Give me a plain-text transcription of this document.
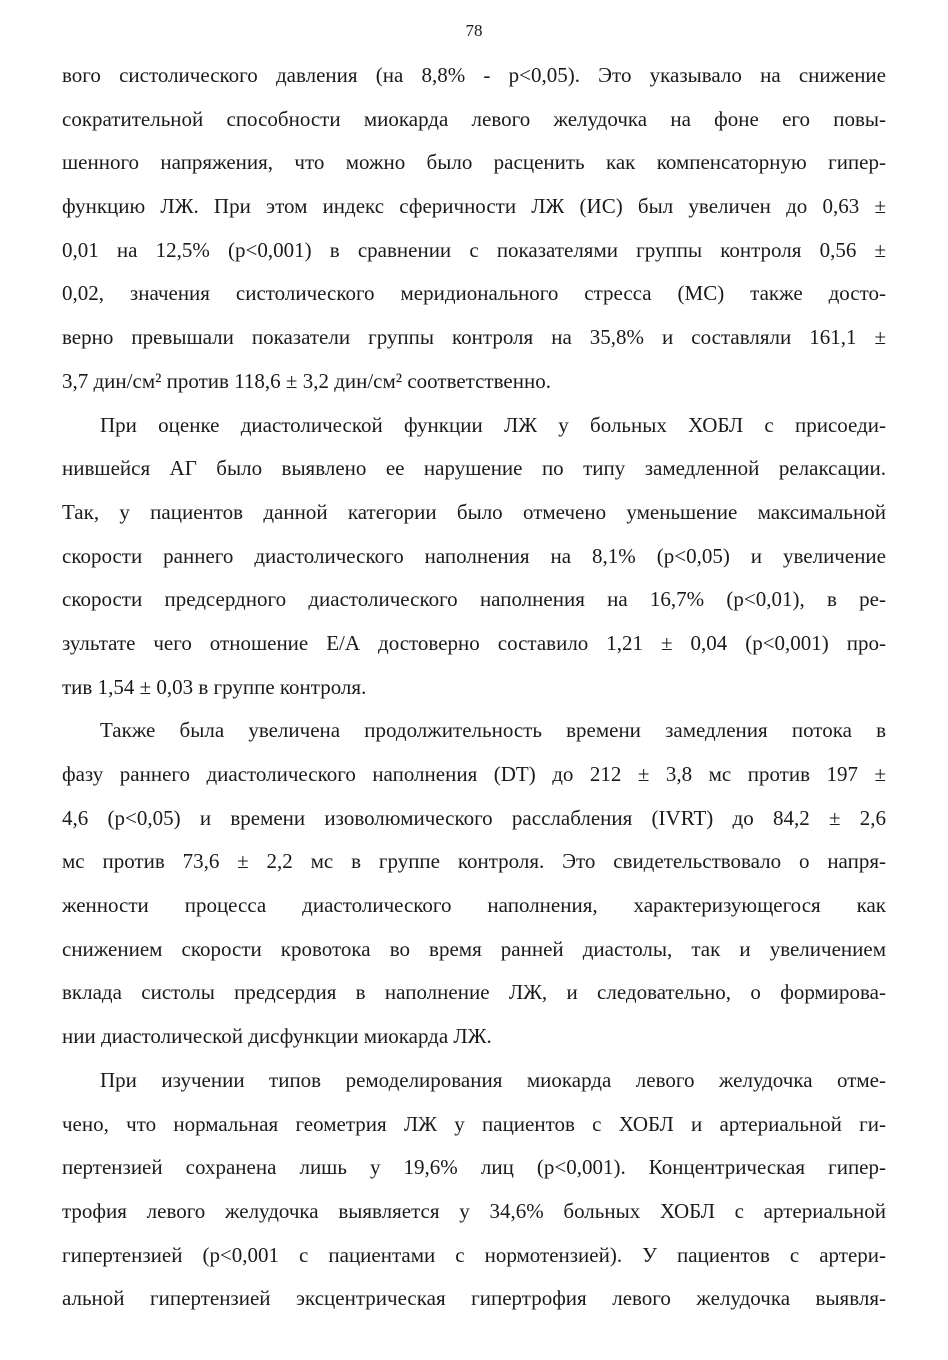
78
вого систолического давления (на 8,8% - p<0,05). Это указывало на снижение
сократительной способности миокарда левого желудочка на фоне его повы-
шенного напряжения, что можно было расценить как компенсаторную гипер-
функцию ЛЖ. При этом индекс сферичности ЛЖ (ИС) был увеличен до 0,63 ±
0,01 на 12,5% (p<0,001) в сравнении с показателями группы контроля 0,56 ±
0,02, значения систолического меридионального стресса (МС) также досто-
верно превышали показатели группы контроля на 35,8% и составляли 161,1 ±
3,7 дин/см² против 118,6 ± 3,2 дин/см² соответственно.
При оценке диастолической функции ЛЖ у больных ХОБЛ с присоеди-
нившейся АГ было выявлено ее нарушение по типу замедленной релаксации.
Так, у пациентов данной категории было отмечено уменьшение максимальной
скорости раннего диастолического наполнения на 8,1% (p<0,05) и увеличение
скорости предсердного диастолического наполнения на 16,7% (p<0,01), в ре-
зультате чего отношение Е/А достоверно составило 1,21 ± 0,04 (p<0,001) про-
тив 1,54 ± 0,03 в группе контроля.
Также была увеличена продолжительность времени замедления потока в
фазу раннего диастолического наполнения (DT) до 212 ± 3,8 мс против 197 ±
4,6 (p<0,05) и времени изоволюмического расслабления (IVRT) до 84,2 ± 2,6
мс против 73,6 ± 2,2 мс в группе контроля. Это свидетельствовало о напря-
женности процесса диастолического наполнения, характеризующегося как
снижением скорости кровотока во время ранней диастолы, так и увеличением
вклада систолы предсердия в наполнение ЛЖ, и следовательно, о формирова-
нии диастолической дисфункции миокарда ЛЖ.
При изучении типов ремоделирования миокарда левого желудочка отме-
чено, что нормальная геометрия ЛЖ у пациентов с ХОБЛ и артериальной ги-
пертензией сохранена лишь у 19,6% лиц (p<0,001). Концентрическая гипер-
трофия левого желудочка выявляется у 34,6% больных ХОБЛ с артериальной
гипертензией (p<0,001 с пациентами с нормотензией). У пациентов с артери-
альной гипертензией эксцентрическая гипертрофия левого желудочка выявля-
